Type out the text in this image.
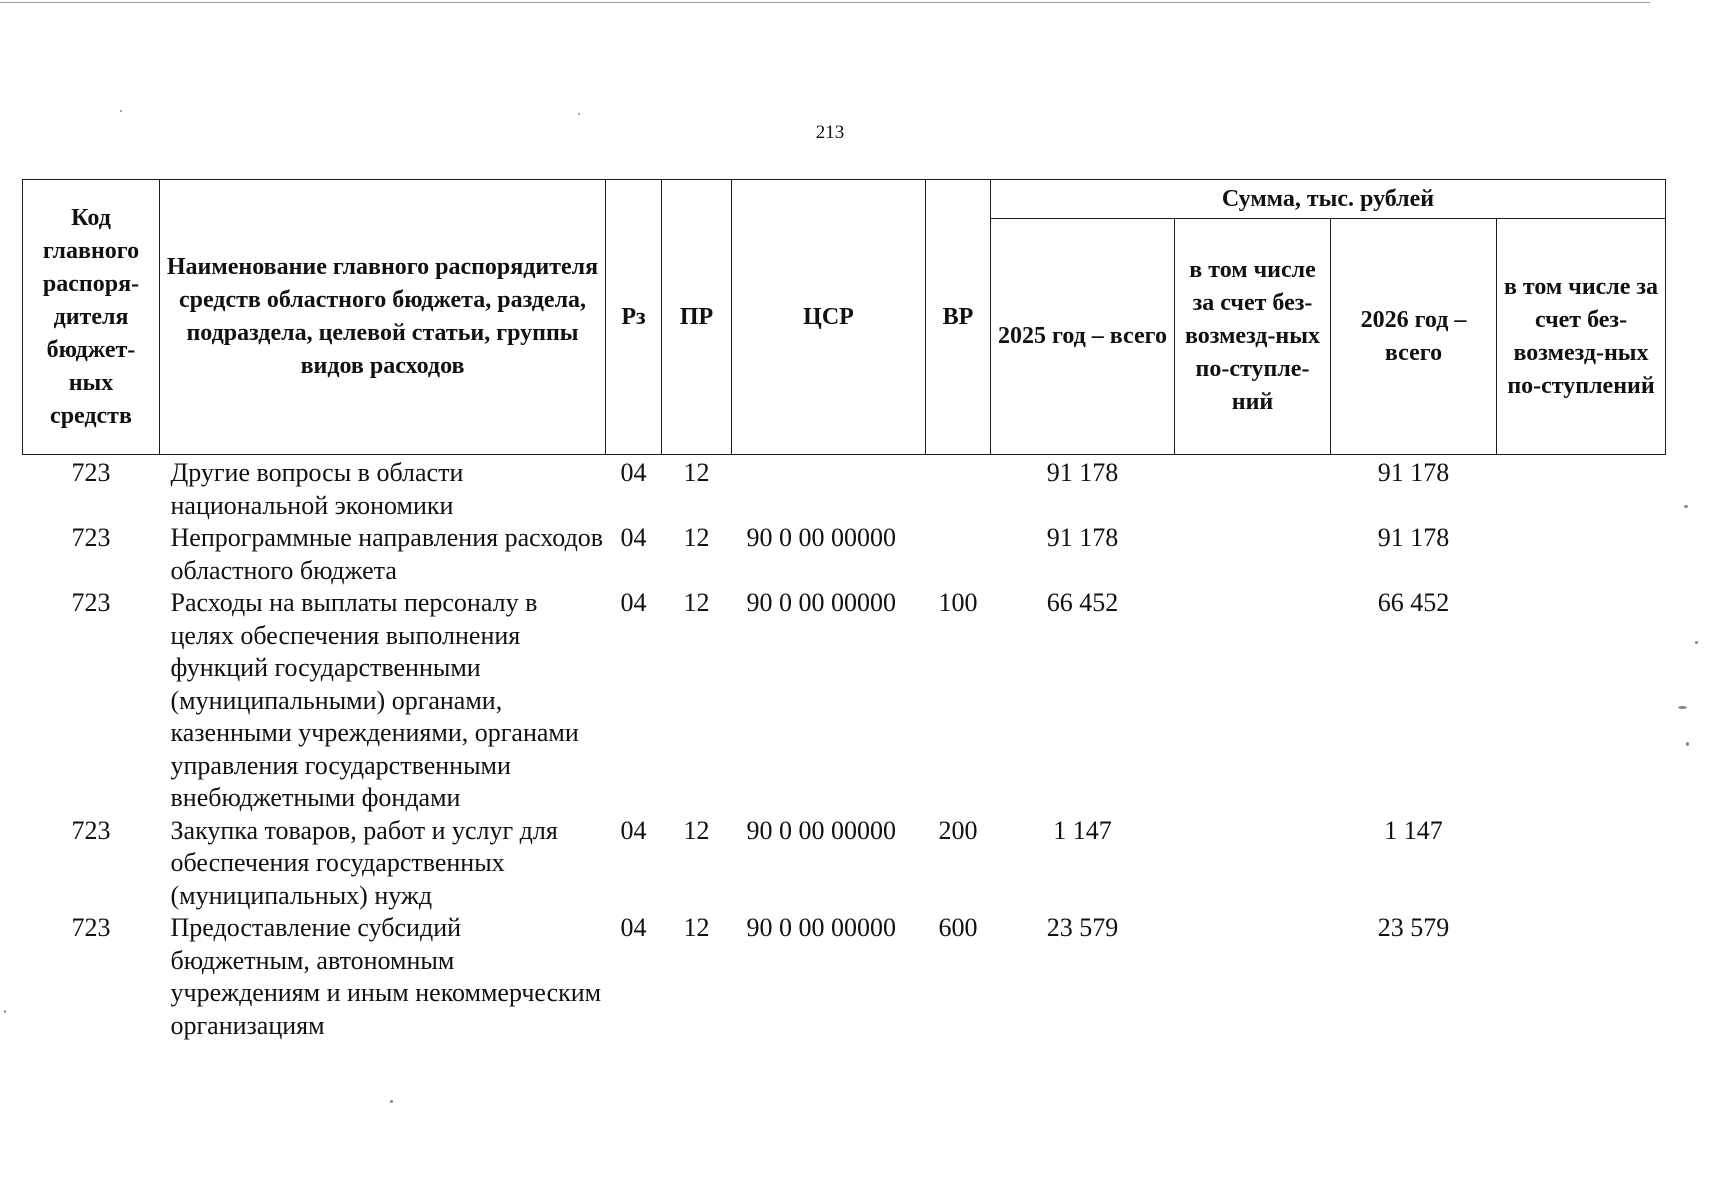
213
Код главного распоря-дителя бюджет-ных средств	Наименование главного распорядителя средств областного бюджета, раздела, подраздела, целевой статьи, группы видов расходов	Рз	ПР	ЦСР	ВР	Сумма, тыс. рублей			
						2025 год – всего	в том числе за счет без-возмезд-ных по-ступле-ний	2026 год – всего	в том числе за счет без-возмезд-ных по-ступлений
723	Другие вопросы в области национальной экономики	04	12			91 178		91 178	
723	Непрограммные направления расходов областного бюджета	04	12	90 0 00 00000		91 178		91 178	
723	Расходы на выплаты персоналу в целях обеспечения выполнения функций государственными (муниципальными) органами, казенными учреждениями, органами управления государственными внебюджетными фондами	04	12	90 0 00 00000	100	66 452		66 452	
723	Закупка товаров, работ и услуг для обеспечения государственных (муниципальных) нужд	04	12	90 0 00 00000	200	1 147		1 147	
723	Предоставление субсидий бюджетным, автономным учреждениям и иным некоммерческим организациям	04	12	90 0 00 00000	600	23 579		23 579	
